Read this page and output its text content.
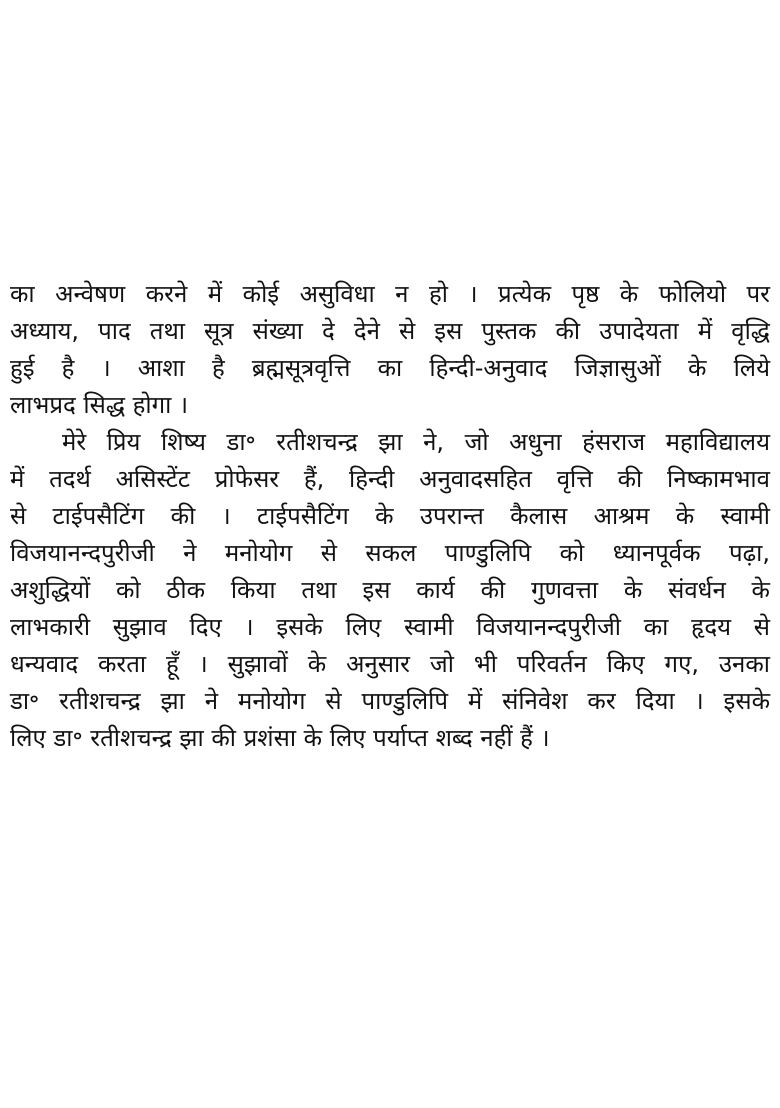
का अन्वेषण करने में कोई असुविधा न हो । प्रत्येक पृष्ठ के फोलियो पर
अध्याय, पाद तथा सूत्र संख्या दे देने से इस पुस्तक की उपादेयता में वृद्धि
हुई है । आशा है ब्रह्मसूत्रवृत्ति का हिन्दी-अनुवाद जिज्ञासुओं के लिये
लाभप्रद सिद्ध होगा ।
मेरे प्रिय शिष्य डा॰ रतीशचन्द्र झा ने, जो अधुना हंसराज महाविद्यालय
में तदर्थ असिस्टेंट प्रोफेसर हैं, हिन्दी अनुवादसहित वृत्ति की निष्कामभाव
से टाईपसैटिंग की । टाईपसैटिंग के उपरान्त कैलास आश्रम के स्वामी
विजयानन्दपुरीजी ने मनोयोग से सकल पाण्डुलिपि को ध्यानपूर्वक पढ़ा,
अशुद्धियों को ठीक किया तथा इस कार्य की गुणवत्ता के संवर्धन के
लाभकारी सुझाव दिए । इसके लिए स्वामी विजयानन्दपुरीजी का हृदय से
धन्यवाद करता हूँ । सुझावों के अनुसार जो भी परिवर्तन किए गए, उनका
डा॰ रतीशचन्द्र झा ने मनोयोग से पाण्डुलिपि में संनिवेश कर दिया । इसके
लिए डा॰ रतीशचन्द्र झा की प्रशंसा के लिए पर्याप्त शब्द नहीं हैं ।
